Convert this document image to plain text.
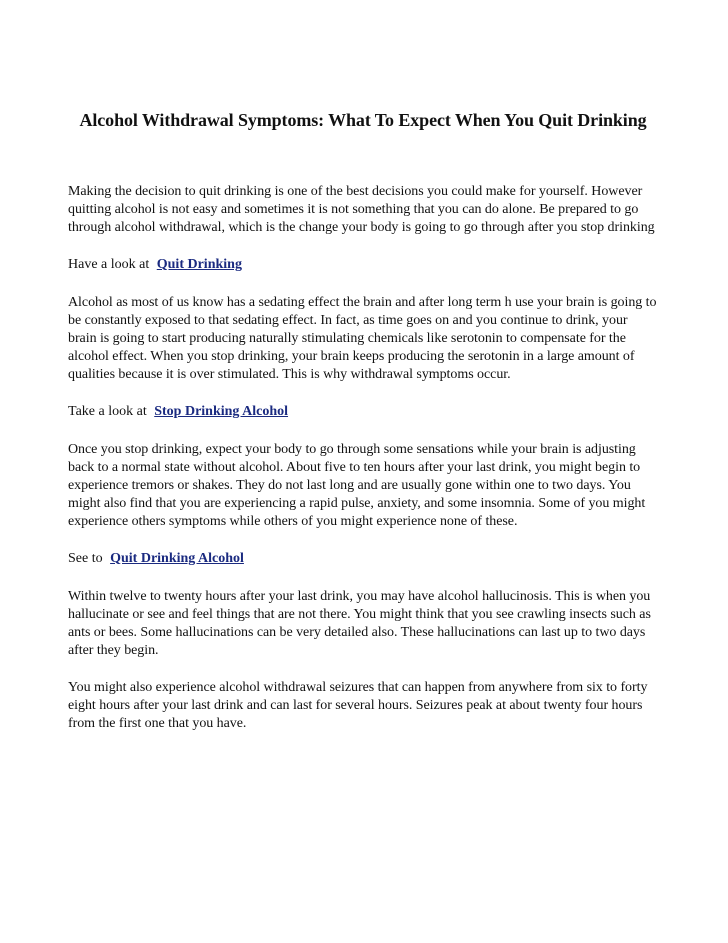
Alcohol Withdrawal Symptoms: What To Expect When You Quit Drinking

Making the decision to quit drinking is one of the best decisions you could make for yourself. However quitting alcohol is not easy and sometimes it is not something that you can do alone. Be prepared to go through alcohol withdrawal, which is the change your body is going to go through after you stop drinking

Have a look at Quit Drinking

Alcohol as most of us know has a sedating effect the brain and after long term h use your brain is going to be constantly exposed to that sedating effect. In fact, as time goes on and you continue to drink, your brain is going to start producing naturally stimulating chemicals like serotonin to compensate for the alcohol effect. When you stop drinking, your brain keeps producing the serotonin in a large amount of qualities because it is over stimulated. This is why withdrawal symptoms occur.

Take a look at Stop Drinking Alcohol

Once you stop drinking, expect your body to go through some sensations while your brain is adjusting back to a normal state without alcohol. About five to ten hours after your last drink, you might begin to experience tremors or shakes. They do not last long and are usually gone within one to two days. You might also find that you are experiencing a rapid pulse, anxiety, and some insomnia. Some of you might experience others symptoms while others of you might experience none of these.

See to Quit Drinking Alcohol

Within twelve to twenty hours after your last drink, you may have alcohol hallucinosis. This is when you hallucinate or see and feel things that are not there. You might think that you see crawling insects such as ants or bees. Some hallucinations can be very detailed also. These hallucinations can last up to two days after they begin.

You might also experience alcohol withdrawal seizures that can happen from anywhere from six to forty eight hours after your last drink and can last for several hours. Seizures peak at about twenty four hours from the first one that you have.
